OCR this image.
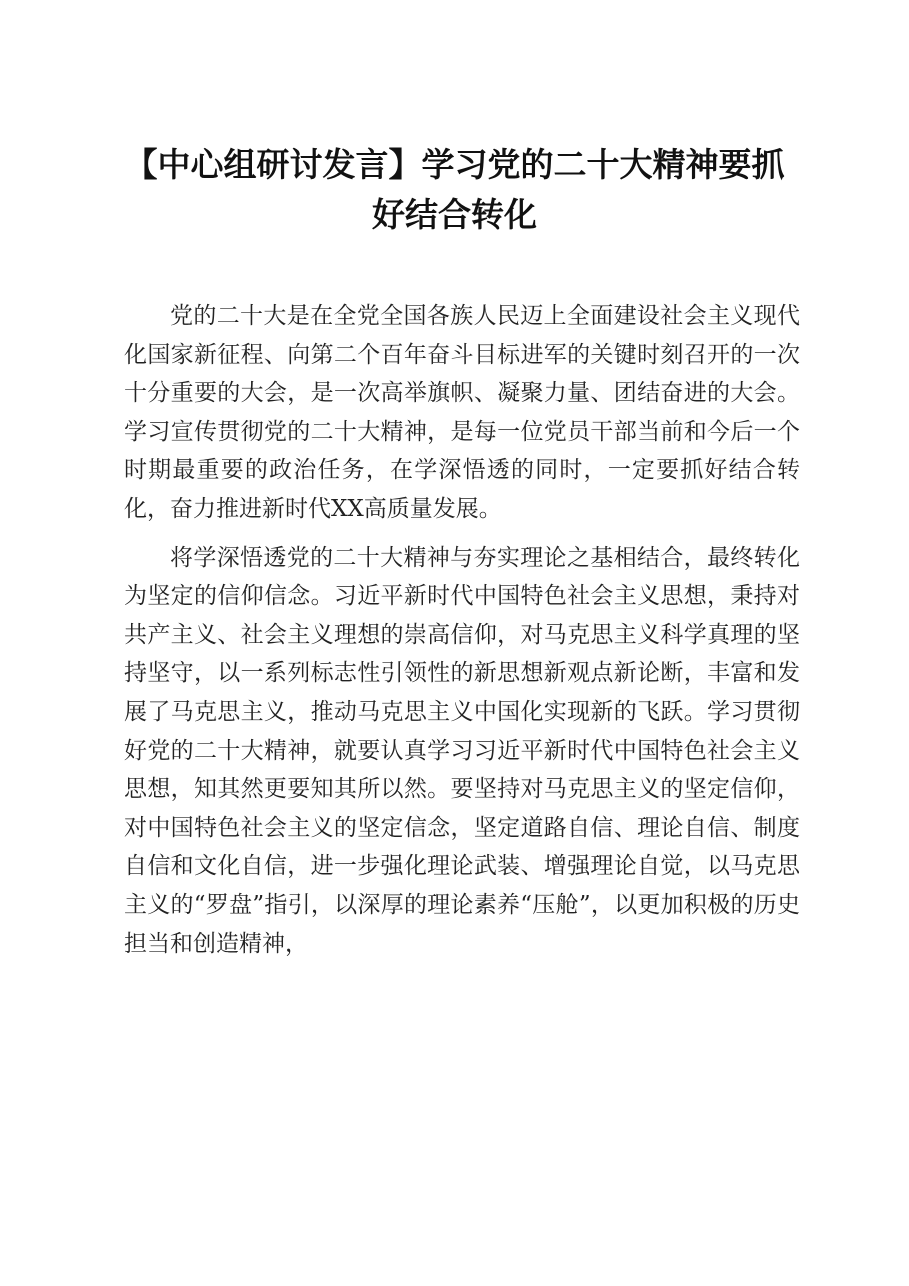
【中心组研讨发言】学习党的二十大精神要抓
好结合转化

党的二十大是在全党全国各族人民迈上全面建设社会主义现代化国家新征程、向第二个百年奋斗目标进军的关键时刻召开的一次十分重要的大会，是一次高举旗帜、凝聚力量、团结奋进的大会。学习宣传贯彻党的二十大精神，是每一位党员干部当前和今后一个时期最重要的政治任务，在学深悟透的同时，一定要抓好结合转化，奋力推进新时代XX高质量发展。

将学深悟透党的二十大精神与夯实理论之基相结合，最终转化为坚定的信仰信念。习近平新时代中国特色社会主义思想，秉持对共产主义、社会主义理想的崇高信仰，对马克思主义科学真理的坚持坚守，以一系列标志性引领性的新思想新观点新论断，丰富和发展了马克思主义，推动马克思主义中国化实现新的飞跃。学习贯彻好党的二十大精神，就要认真学习习近平新时代中国特色社会主义思想，知其然更要知其所以然。要坚持对马克思主义的坚定信仰，对中国特色社会主义的坚定信念，坚定道路自信、理论自信、制度自信和文化自信，进一步强化理论武装、增强理论自觉，以马克思主义的“罗盘”指引，以深厚的理论素养“压舱”，以更加积极的历史担当和创造精神，
